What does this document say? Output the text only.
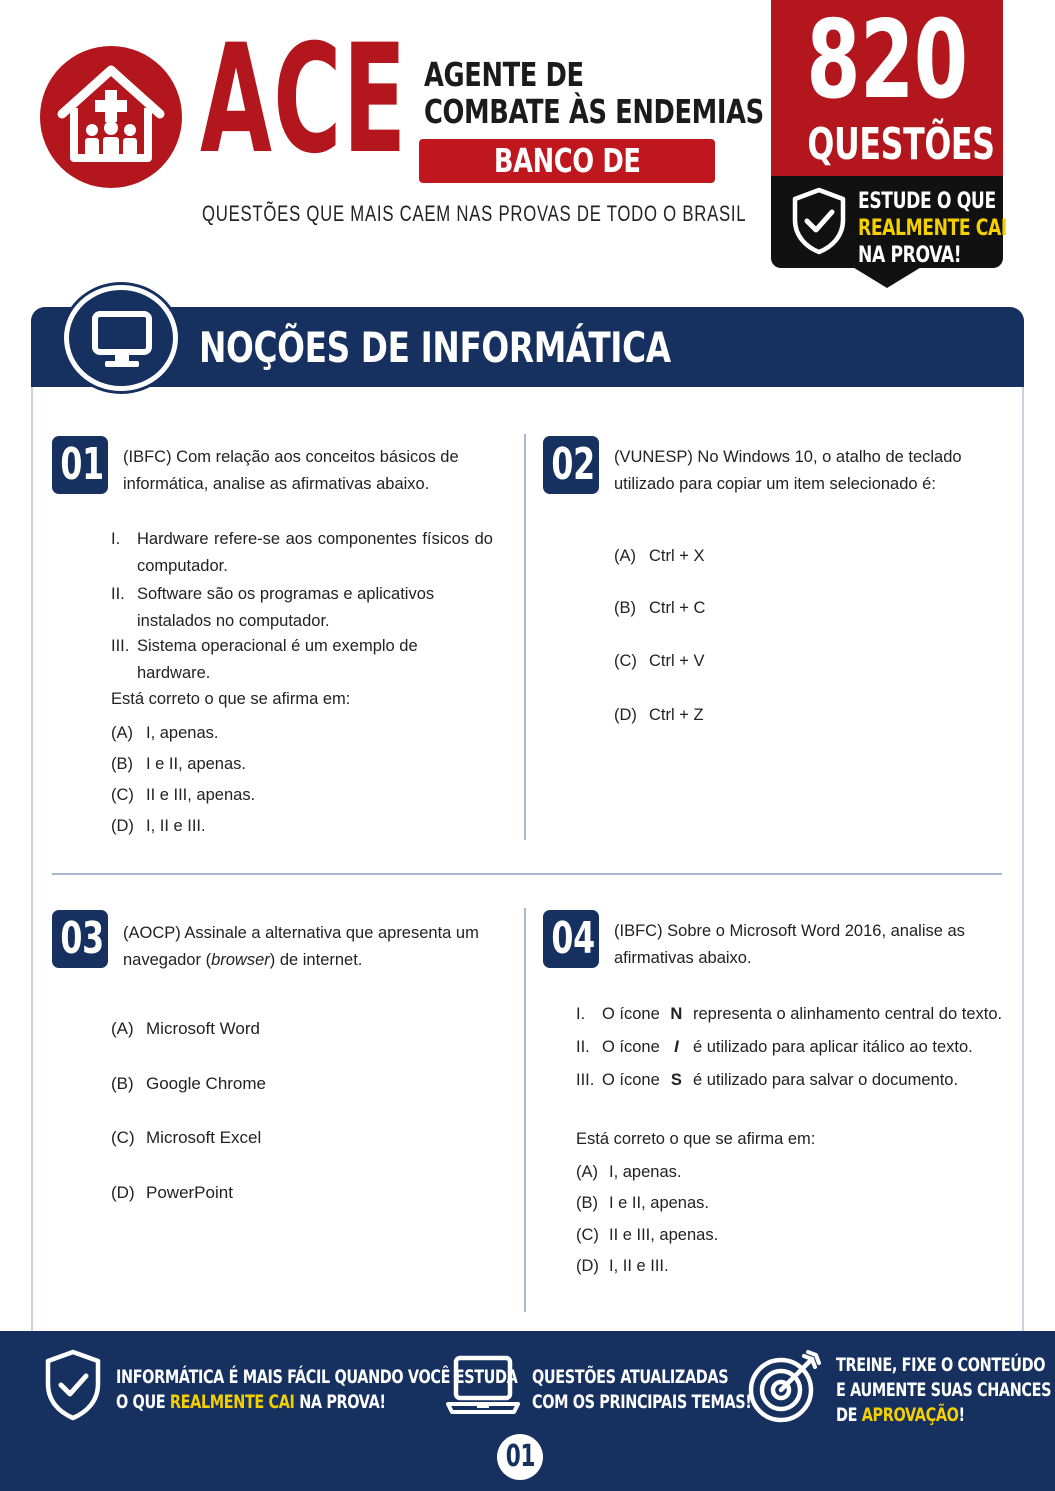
ACE AGENTE DE
COMBATE ÀS ENDEMIAS
BANCO DE
QUESTÕES QUE MAIS CAEM NAS PROVAS DE TODO O BRASIL
820
QUESTÕES
ESTUDE O QUE
REALMENTE CAI
NA PROVA!
NOÇÕES DE INFORMÁTICA
01 (IBFC) Com relação aos conceitos básicos de
informática, analise as afirmativas abaixo.
I.	Hardware refere-se aos componentes físicos do computador.
II. Software são os programas e aplicativos instalados no computador.
III. Sistema operacional é um exemplo de hardware.
Está correto o que se afirma em:
(A) I, apenas.
(B) I e II, apenas.
(C) II e III, apenas.
(D) I, II e III.
02 (VUNESP) No Windows 10, o atalho de teclado
utilizado para copiar um item selecionado é:
(A) Ctrl + X
(B) Ctrl + C
(C) Ctrl + V
(D) Ctrl + Z
03 (AOCP) Assinale a alternativa que apresenta um
navegador (browser) de internet.
(A) Microsoft Word
(B) Google Chrome
(C) Microsoft Excel
(D) PowerPoint
04 (IBFC) Sobre o Microsoft Word 2016, analise as
afirmativas abaixo.
I. O ícone N representa o alinhamento central do texto.
II. O ícone I é utilizado para aplicar itálico ao texto.
III. O ícone S é utilizado para salvar o documento.
Está correto o que se afirma em:
(A) I, apenas.
(B) I e II, apenas.
(C) II e III, apenas.
(D) I, II e III.
INFORMÁTICA É MAIS FÁCIL QUANDO VOCÊ ESTUDA
O QUE REALMENTE CAI NA PROVA!
QUESTÕES ATUALIZADAS
COM OS PRINCIPAIS TEMAS!
TREINE, FIXE O CONTEÚDO
E AUMENTE SUAS CHANCES
DE APROVAÇÃO!
01
